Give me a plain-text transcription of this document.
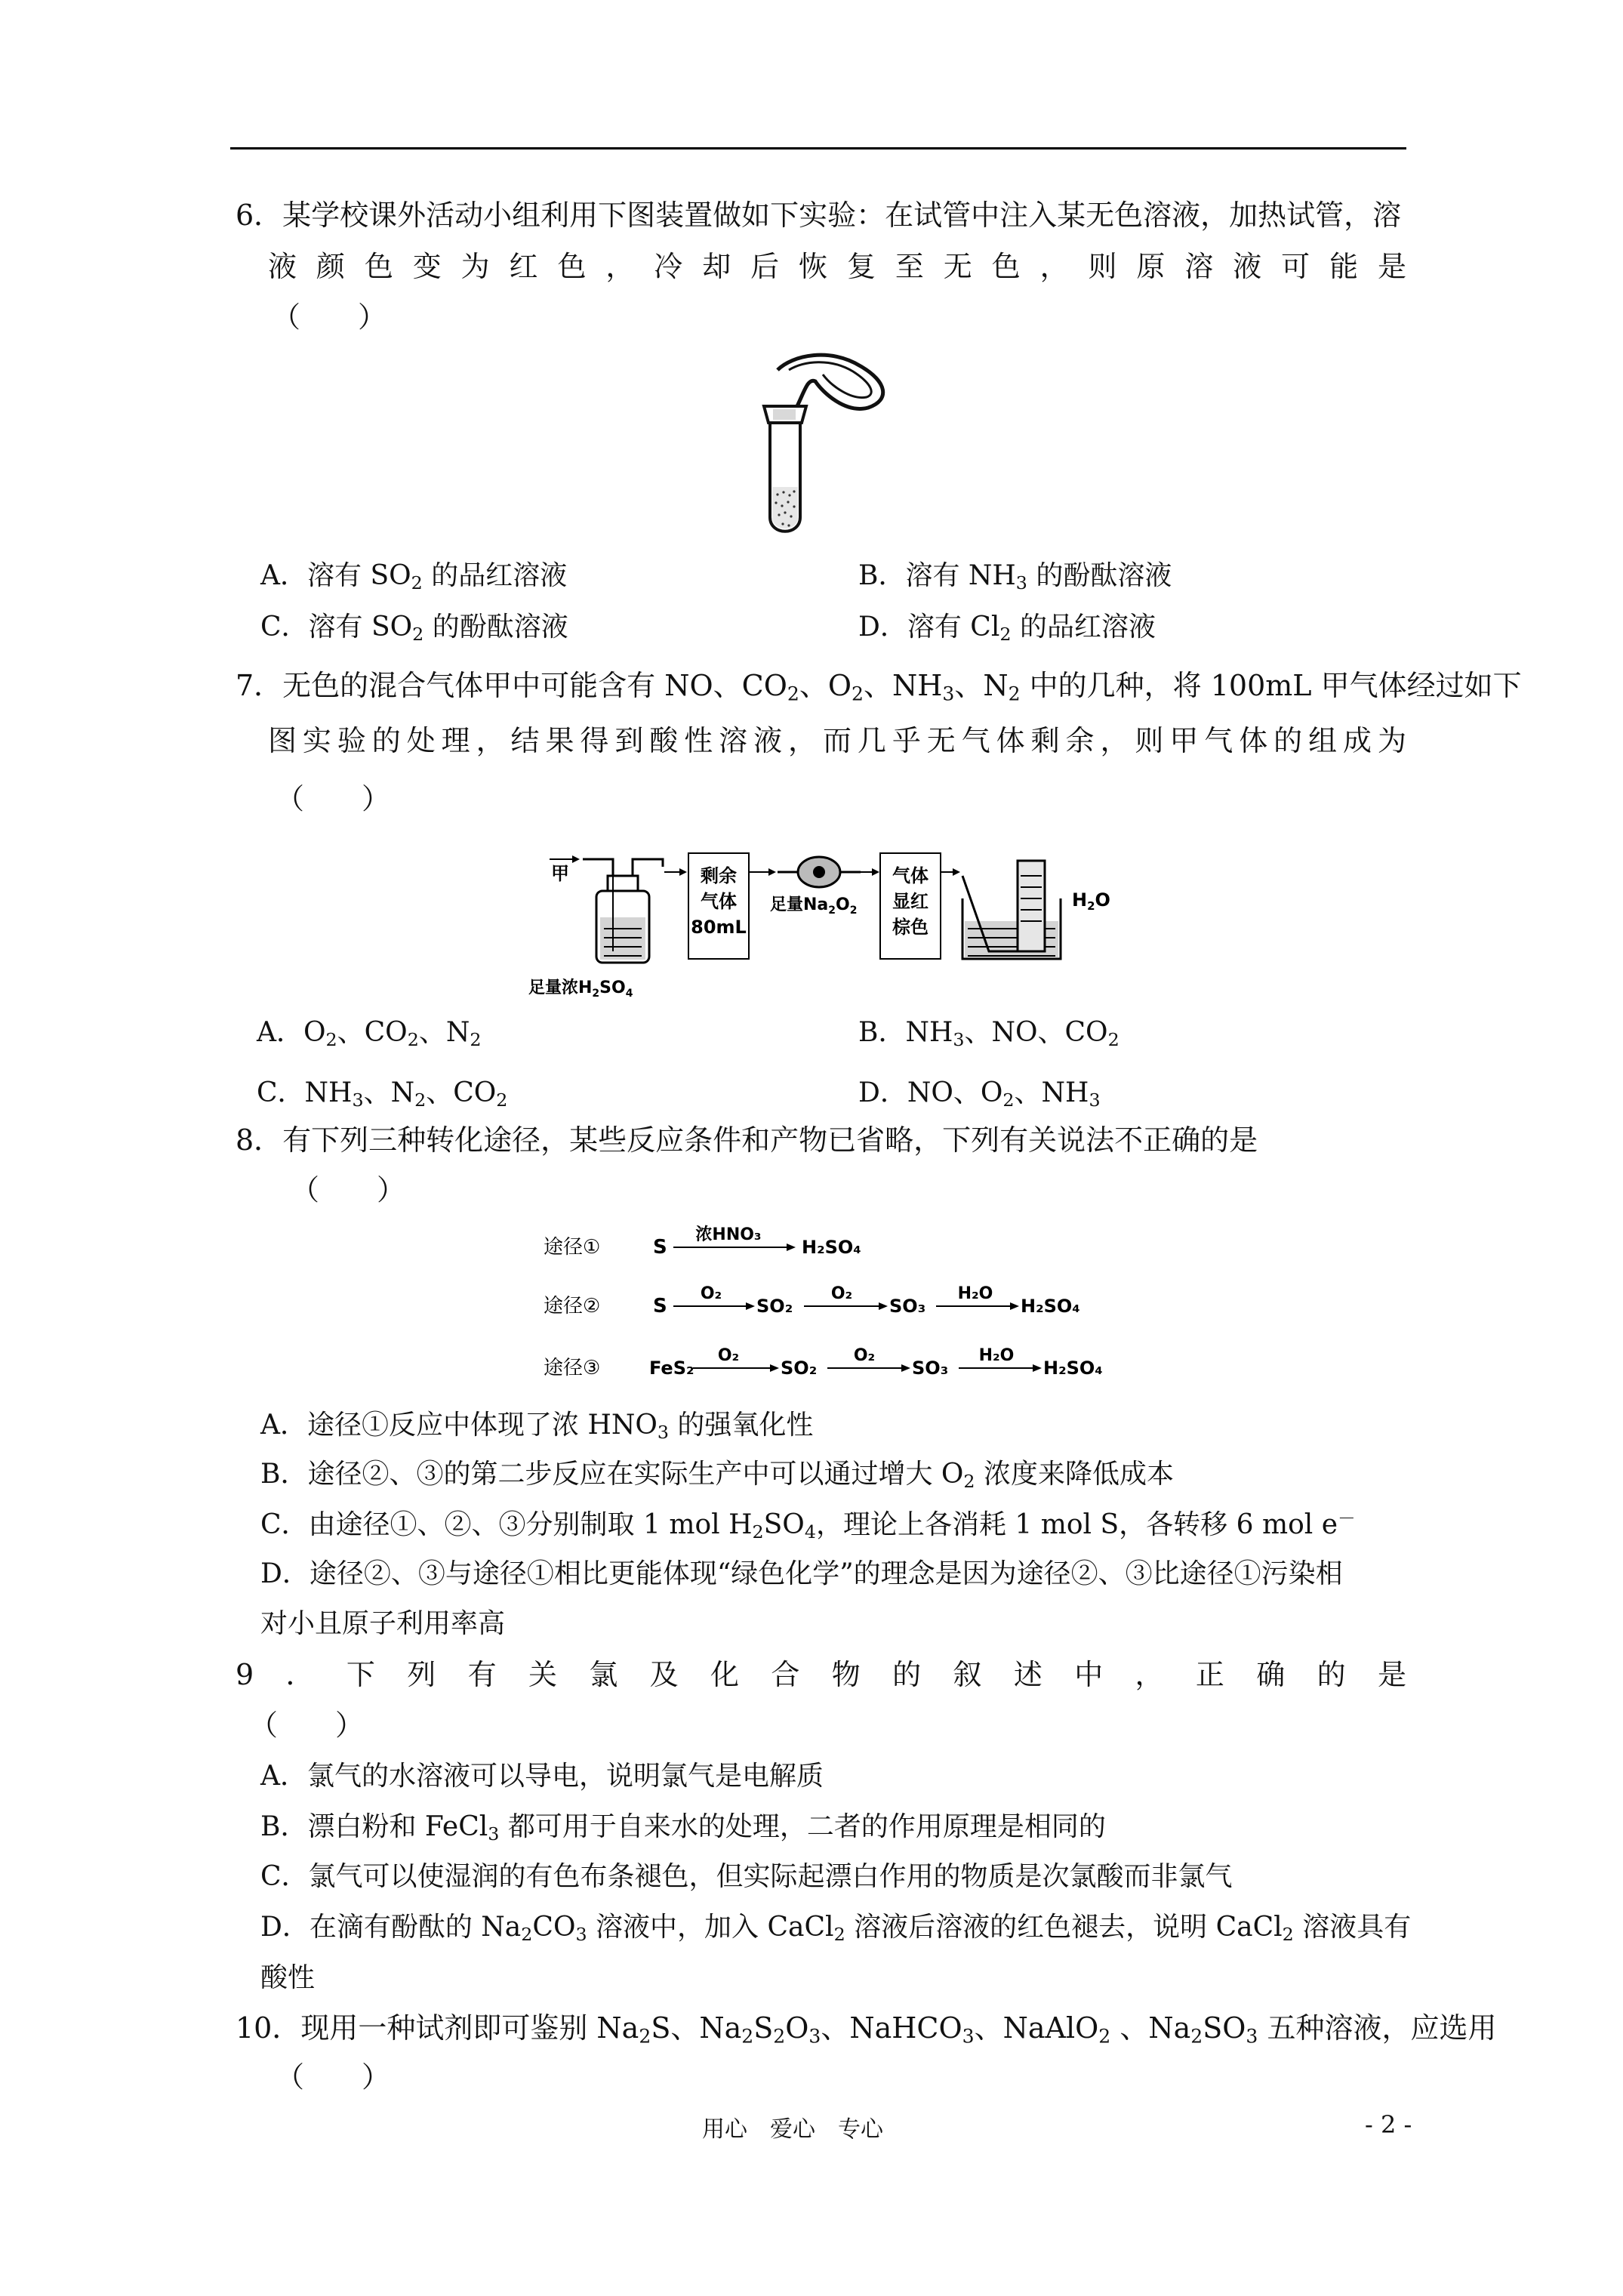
6．某学校课外活动小组利用下图装置做如下实验：在试管中注入某无色溶液，加热试管，溶
液颜色变为红色，冷却后恢复至无色，则原溶液可能是
（　　）
A．溶有 $SO_2$ 的品红溶液	B．溶有 $NH_3$ 的酚酞溶液
C．溶有 $SO_2$ 的酚酞溶液	D．溶有 $Cl_2$ 的品红溶液
7．无色的混合气体甲中可能含有 NO、$CO_2$、$O_2$、$NH_3$、$N_2$ 中的几种，将 100mL 甲气体经过如下
图实验的处理，结果得到酸性溶液，而几乎无气体剩余，则甲气体的组成为
（　　）
甲
足量浓$H_2SO_4$
剩余
气体
80mL
足量$Na_2O_2$
气体
显红
棕色
$H_2O$
A．$O_2$、$CO_2$、$N_2$	B．$NH_3$、NO、$CO_2$
C．$NH_3$、$N_2$、$CO_2$	D．NO、$O_2$、$NH_3$
8．有下列三种转化途径，某些反应条件和产物已省略，下列有关说法不正确的是
（　　）
途径①	S
浓HNO₃
H₂SO₄
途径②	S
O₂
SO₂
O₂
SO₃
H₂O
H₂SO₄
途径③	FeS₂
O₂
SO₂
O₂
SO₃
H₂O
H₂SO₄
A．途径①反应中体现了浓 $HNO_3$ 的强氧化性
B．途径②、③的第二步反应在实际生产中可以通过增大 $O_2$ 浓度来降低成本
C．由途径①、②、③分别制取 1 mol $H_2SO_4$，理论上各消耗 1 mol S，各转移 6 mol e－
D．途径②、③与途径①相比更能体现“绿色化学”的理念是因为途径②、③比途径①污染相
对小且原子利用率高
9．下列有关氯及化合物的叙述中，正确的是
（　　）
A．氯气的水溶液可以导电，说明氯气是电解质
B．漂白粉和 FeCl$_3$ 都可用于自来水的处理，二者的作用原理是相同的
C．氯气可以使湿润的有色布条褪色，但实际起漂白作用的物质是次氯酸而非氯气
D．在滴有酚酞的 $Na_2CO_3$ 溶液中，加入 CaCl$_2$ 溶液后溶液的红色褪去，说明 CaCl$_2$ 溶液具有
酸性
10．现用一种试剂即可鉴别 $Na_2S$、$Na_2S_2O_3$、NaHCO$_3$、NaAlO$_2$ 、$Na_2SO_3$ 五种溶液，应选用
（　　）
用心　爱心　专心	- 2 -
